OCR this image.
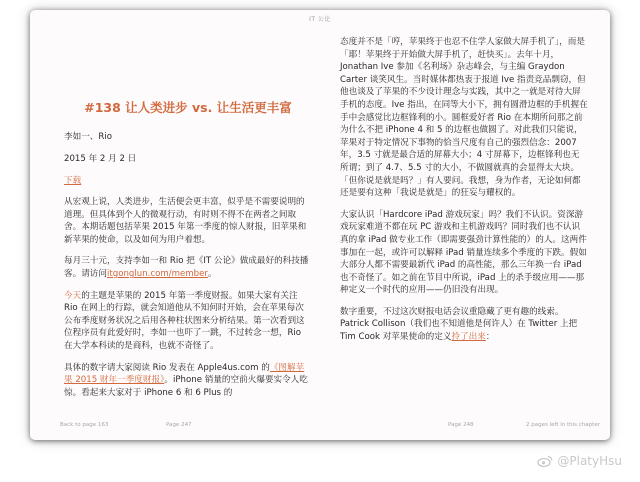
IT 公论
#138 让人类进步 vs. 让生活更丰富
李如一、Rio
2015 年 2 月 2 日
下载

从宏观上说，人类进步，生活便会更丰富，似乎是不需要说明的道理。但具体到个人的微观行动，有时则不得不在两者之间取舍。本期话题包括苹果 2015 年第一季度的惊人财报，旧苹果和新苹果的使命，以及如何为用户着想。

每月三十元，支持李如一和 Rio 把《IT 公论》做成最好的科技播客。请访问itgonglun.com/member。

今天的主题是苹果的 2015 年第一季度财报。如果大家有关注 Rio 在网上的行踪，就会知道他从不知何时开始，会在苹果每次公布季度财务状况之后用各种柱状图来分析结果。第一次看到这位程序员有此爱好时，李如一也吓了一跳，不过转念一想，Rio 在大学本科读的是商科，也就不奇怪了。

具体的数字请大家阅读 Rio 发表在 Apple4us.com 的《图解苹果 2015 财年一季度财报》。iPhone 销量的空前火爆要实令人吃惊。看起来大家对于 iPhone 6 和 6 Plus 的

态度并不是「哼，苹果终于也忍不住学人家做大屏手机了」，而是「耶！苹果终于开始做大屏手机了，赶快买」。去年十月，Jonathan Ive 参加《名利场》杂志峰会，与主编 Graydon Carter 谈笑风生。当时媒体都热衷于报道 Ive 指责竞品剽窃，但他也谈及了苹果的不少设计理念与实践，其中之一就是对待大屏手机的态度。Ive 指出，在同等大小下，拥有圆滑边框的手机握在手中会感觉比边框锋利的小。圆框爱好者 Rio 在本期所问那之前为什么不把 iPhone 4 和 5 的边框也做圆了。对此我们只能说，苹果对于特定情况下事物的恰当尺度有自己的强烈信念：2007 年，3.5 寸就是最合适的屏幕大小；4 寸屏幕下，边框锋利也无所谓；到了 4.7、5.5 寸的大小，不做圆就真的会显得太大块。「但你说是就是吗？」有人要问。我想，身为作者，无论如何都还是要有这种「我说是就是」的狂妄与耀权的。

大家认识「Hardcore iPad 游戏玩家」吗？我们不认识。资深游戏玩家难道不都在玩 PC 游戏和主机游戏吗？同时我们也不认识真的拿 iPad 做专业工作（即需要强劲计算性能的）的人。这两件事加在一起，或许可以解释 iPad 销量连续多个季度的下跌。假如大部分人都不需要最新代 iPad 的高性能，那么三年换一台 iPad 也不奇怪了。如之前在节目中所说，iPad 上的杀手级应用——那种定义一个时代的应用——仍旧没有出现。

数字重要，不过这次财报电话会议重隐藏了更有趣的线索。Patrick Collison（我们也不知道他是何许人）在 Twitter 上把 Tim Cook 对苹果使命的定义拎了出来：

Back to page 163	Page 247	Page 248	2 pages left in this chapter
@PlatyHsu
